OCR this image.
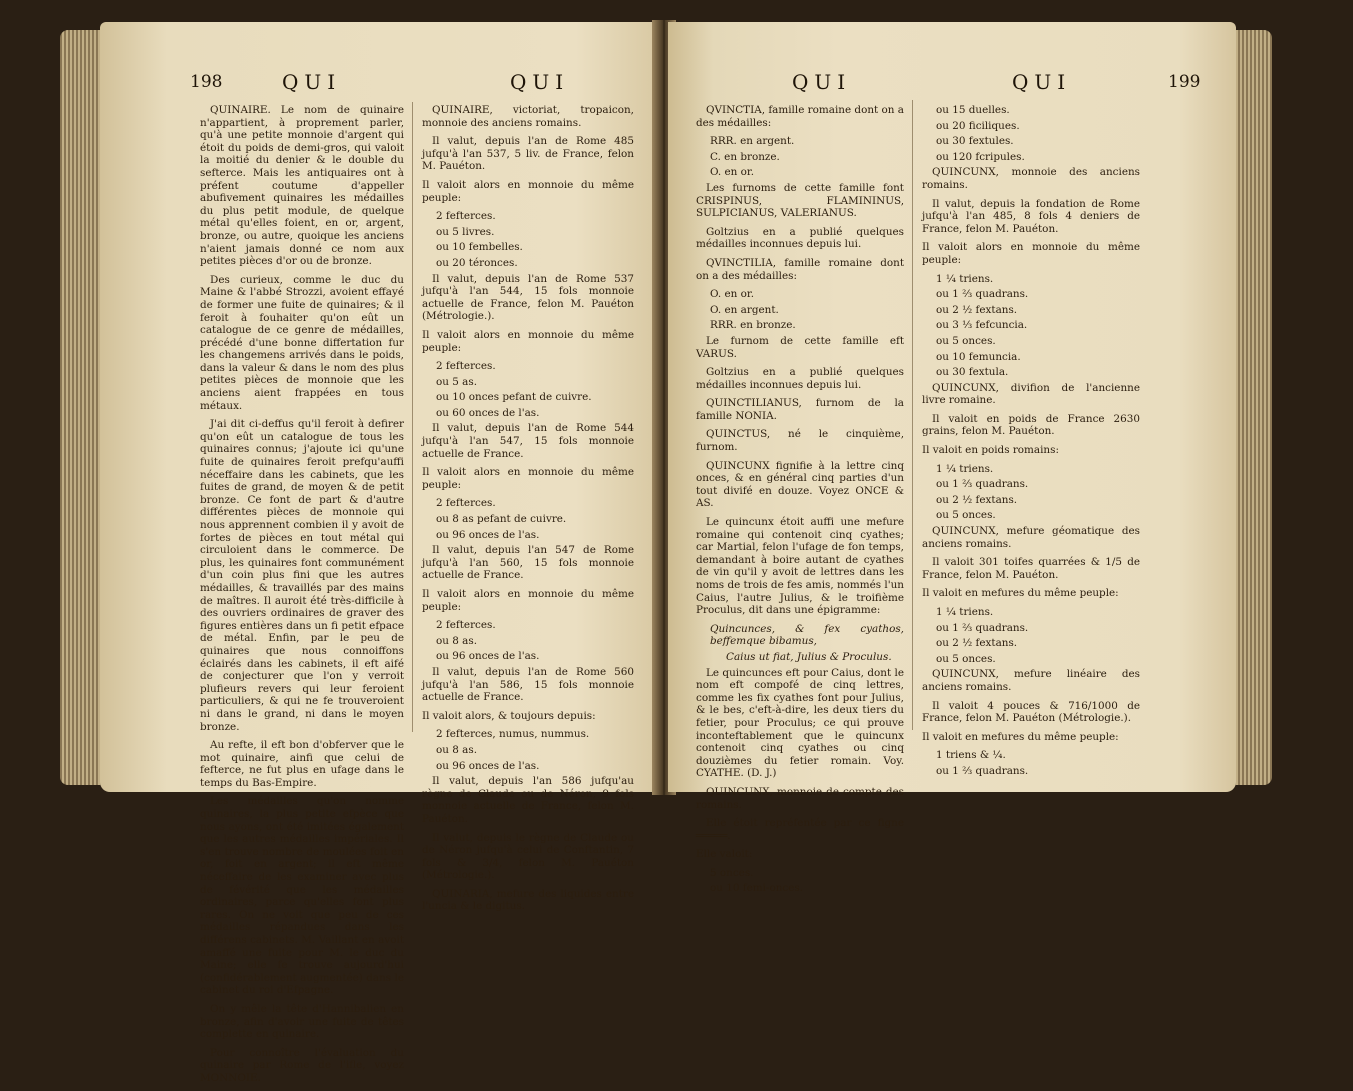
198	QUI	QUI

QUINAIRE. Le nom de quinaire n'appartient, à proprement parler, qu'à une petite monnoie d'argent qui étoit du poids de demi-gros, qui valoit la moitié du denier & le double du sefterce. Mais les antiquaires ont à préfent coutume d'appeller abufivement quinaires les médailles du plus petit module, de quelque métal qu'elles foient, en or, argent, bronze, ou autre, quoique les anciens n'aient jamais donné ce nom aux petites pièces d'or ou de bronze.

Des curieux, comme le duc du Maine & l'abbé Strozzi, avoient effayé de former une fuite de quinaires; & il feroit à fouhaiter qu'on eût un catalogue de ce genre de médailles, précédé d'une bonne differtation fur les changemens arrivés dans le poids, dans la valeur & dans le nom des plus petites pièces de monnoie que les anciens aient frappées en tous métaux.

J'ai dit ci-deffus qu'il feroit à defirer qu'on eût un catalogue de tous les quinaires connus; j'ajoute ici qu'une fuite de quinaires feroit prefqu'auffi néceffaire dans les cabinets, que les fuites de grand, de moyen & de petit bronze. Ce font de part & d'autre différentes pièces de monnoie qui nous apprennent combien il y avoit de fortes de pièces en tout métal qui circuloient dans le commerce. De plus, les quinaires font communément d'un coin plus fini que les autres médailles, & travaillés par des mains de maîtres. Il auroit été très-difficile à des ouvriers ordinaires de graver des figures entières dans un fi petit efpace de métal. Enfin, par le peu de quinaires que nous connoiffons éclairés dans les cabinets, il eft aifé de conjecturer que l'on y verroit plufieurs revers qui leur feroient particuliers, & qui ne fe trouveroient ni dans le grand, ni dans le moyen bronze.

Au refte, il eft bon d'obferver que le mot quinaire, ainfi que celui de fefterce, ne fut plus en ufage dans le temps du Bas-Empire.

Les médailles qu'on nomme quinaires, la plus petite efpèce que nous ayons, ont été imitées également que les autres médailles impériales. Il s'en trouve nombre de moulées foit en or, foit en argent; il eft même néceffaire de les examiner avec plus de févérité que les médailles ordinaires, parce qu'elles font plus rares. On ne voit que peu de ces médailles répandues dans les différens cabinets. M. Vaillant en avoit amaffé une fuite pour M. le duc du Maine; elle fe trouve aujourd'hui (confidérablement augmentée) dans le cabinet du roi d'Efpagne.

On y mêle la tête d'Hannibalien en bronze, afin d'avoir une fuite de têtes complette en quinaire.

Pour connoître l'évaluation du quinaire par Rome de l'ifle, voyez MONNOIE.

QUINAIRE, victoriat, tropaicon, monnoie des anciens romains.

Il valut, depuis l'an de Rome 485 jufqu'à l'an 537, 5 liv. de France, felon M. Pauéton.

Il valoit alors en monnoie du même peuple:

2 fefterces.

ou 5 livres.

ou 10 fembelles.

ou 20 téronces.

Il valut, depuis l'an de Rome 537 jufqu'à l'an 544, 15 fols monnoie actuelle de France, felon M. Pauéton (Métrologie.).

Il valoit alors en monnoie du même peuple:

2 fefterces.

ou 5 as.

ou 10 onces pefant de cuivre.

ou 60 onces de l'as.

Il valut, depuis l'an de Rome 544 jufqu'à l'an 547, 15 fols monnoie actuelle de France.

Il valoit alors en monnoie du même peuple:

2 fefterces.

ou 8 as pefant de cuivre.

ou 96 onces de l'as.

Il valut, depuis l'an 547 de Rome jufqu'à l'an 560, 15 fols monnoie actuelle de France.

Il valoit alors en monnoie du même peuple:

2 fefterces.

ou 8 as.

ou 96 onces de l'as.

Il valut, depuis l'an de Rome 560 jufqu'à l'an 586, 15 fols monnoie actuelle de France.

Il valoit alors, & toujours depuis:

2 fefterces, numus, nummus.

ou 8 as.

ou 96 onces de l'as.

Il valut, depuis l'an 586 jufqu'au règne de Claude ou de Néron, 9 fols monnoie actuelle de France, felon M. Pauéton.

Il valut, depuis le règne de Claude ou de Néron jufqu'à celui de Conftantin, 7 fols & 3/4, felon M. Pauéton (Métrologie.).

QUINARIA, mefure des liquides entre l'uncia & le digitus.

QUI	QUI	199

QVINCTIA, famille romaine dont on a des médailles:

RRR. en argent.

C. en bronze.

O. en or.

Les furnoms de cette famille font CRISPINUS, FLAMININUS, SULPICIANUS, VALERIANUS.

Goltzius en a publié quelques médailles inconnues depuis lui.

QVINCTILIA, famille romaine dont on a des médailles:

O. en or.

O. en argent.

RRR. en bronze.

Le furnom de cette famille eft VARUS.

Goltzius en a publié quelques médailles inconnues depuis lui.

QUINCTILIANUS, furnom de la famille NONIA.

QUINCTUS, né le cinquième, furnom.

QUINCUNX fignifie à la lettre cinq onces, & en général cinq parties d'un tout divifé en douze. Voyez ONCE & AS.

Le quincunx étoit auffi une mefure romaine qui contenoit cinq cyathes; car Martial, felon l'ufage de fon temps, demandant à boire autant de cyathes de vin qu'il y avoit de lettres dans les noms de trois de fes amis, nommés l'un Caius, l'autre Julius, & le troifième Proculus, dit dans une épigramme:

Quincunces, & fex cyathos, beffemque bibamus,

Caius ut fiat, Julius & Proculus.

Le quincunces eft pour Caius, dont le nom eft compofé de cinq lettres, comme les fix cyathes font pour Julius, & le bes, c'eft-à-dire, les deux tiers du fetier, pour Proculus; ce qui prouve inconteftablement que le quincunx contenoit cinq cyathes ou cinq douzièmes du fetier romain. Voy. CYATHE. (D. J.)

QUINCUNX, monnoie de compte des romains.

Elle étoit repréfentée par ce figne ═════.

Elle valoit:

5 onces.

ou 10 femi-onces.

ou 15 duelles.

ou 20 ficiliques.

ou 30 fextules.

ou 120 fcripules.

QUINCUNX, monnoie des anciens romains.

Il valut, depuis la fondation de Rome jufqu'à l'an 485, 8 fols 4 deniers de France, felon M. Pauéton.

Il valoit alors en monnoie du même peuple:

1 ¼ triens.

ou 1 ⅔ quadrans.

ou 2 ½ fextans.

ou 3 ⅓ fefcuncia.

ou 5 onces.

ou 10 femuncia.

ou 30 fextula.

QUINCUNX, divifion de l'ancienne livre romaine.

Il valoit en poids de France 2630 grains, felon M. Pauéton.

Il valoit en poids romains:

1 ¼ triens.

ou 1 ⅔ quadrans.

ou 2 ½ fextans.

ou 5 onces.

QUINCUNX, mefure géomatique des anciens romains.

Il valoit 301 toifes quarrées & 1/5 de France, felon M. Pauéton.

Il valoit en mefures du même peuple:

1 ¼ triens.

ou 1 ⅔ quadrans.

ou 2 ½ fextans.

ou 5 onces.

QUINCUNX, mefure linéaire des anciens romains.

Il valoit 4 pouces & 716/1000 de France, felon M. Pauéton (Métrologie.).

Il valoit en mefures du même peuple:

1 triens & ¼.

ou 1 ⅔ quadrans.
